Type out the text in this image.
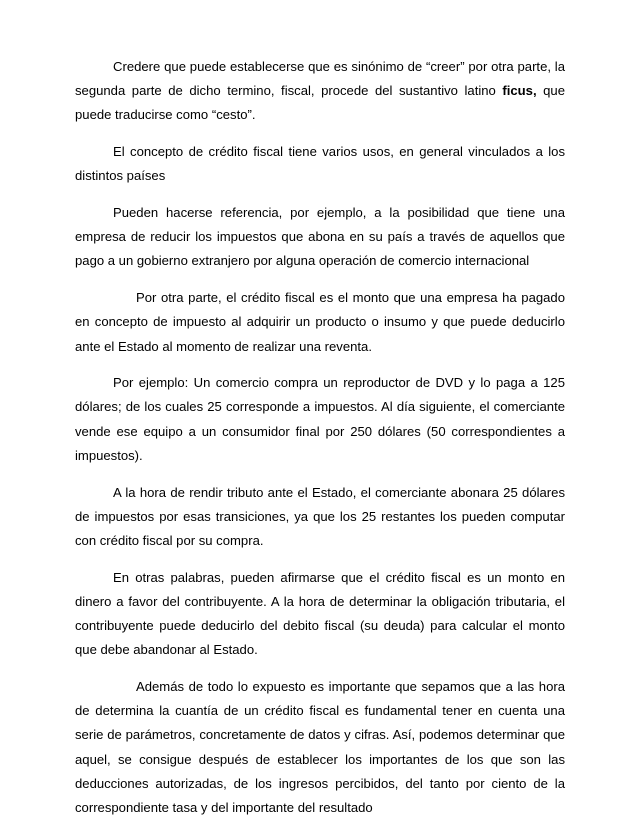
Credere que puede establecerse que es sinónimo de “creer” por otra parte, la segunda parte de dicho termino, fiscal, procede del sustantivo latino ficus, que puede traducirse como “cesto”.

El concepto de crédito fiscal tiene varios usos, en general vinculados a los distintos países

Pueden hacerse referencia, por ejemplo, a la posibilidad que tiene una empresa de reducir los impuestos que abona en su país a través de aquellos que pago a un gobierno extranjero por alguna operación de comercio internacional

Por otra parte, el crédito fiscal es el monto que una empresa ha pagado en concepto de impuesto al adquirir un producto o insumo y que puede deducirlo ante el Estado al momento de realizar una reventa.

Por ejemplo: Un comercio compra un reproductor de DVD y lo paga a 125 dólares; de los cuales 25 corresponde a impuestos. Al día siguiente, el comerciante vende ese equipo a un consumidor final por 250 dólares (50 correspondientes a impuestos).

A la hora de rendir tributo ante el Estado, el comerciante abonara 25 dólares de impuestos por esas transiciones, ya que los 25 restantes los pueden computar con crédito fiscal por su compra.

En otras palabras, pueden afirmarse que el crédito fiscal es un monto en dinero a favor del contribuyente. A la hora de determinar la obligación tributaria, el contribuyente puede deducirlo del debito fiscal (su deuda) para calcular el monto que debe abandonar al Estado.

Además de todo lo expuesto es importante que sepamos que a las hora de determina la cuantía de un crédito fiscal es fundamental tener en cuenta una serie de parámetros, concretamente de datos y cifras. Así, podemos determinar que aquel, se consigue después de establecer los importantes de los que son las deducciones autorizadas, de los ingresos percibidos, del tanto por ciento de la correspondiente tasa y del importante del resultado
